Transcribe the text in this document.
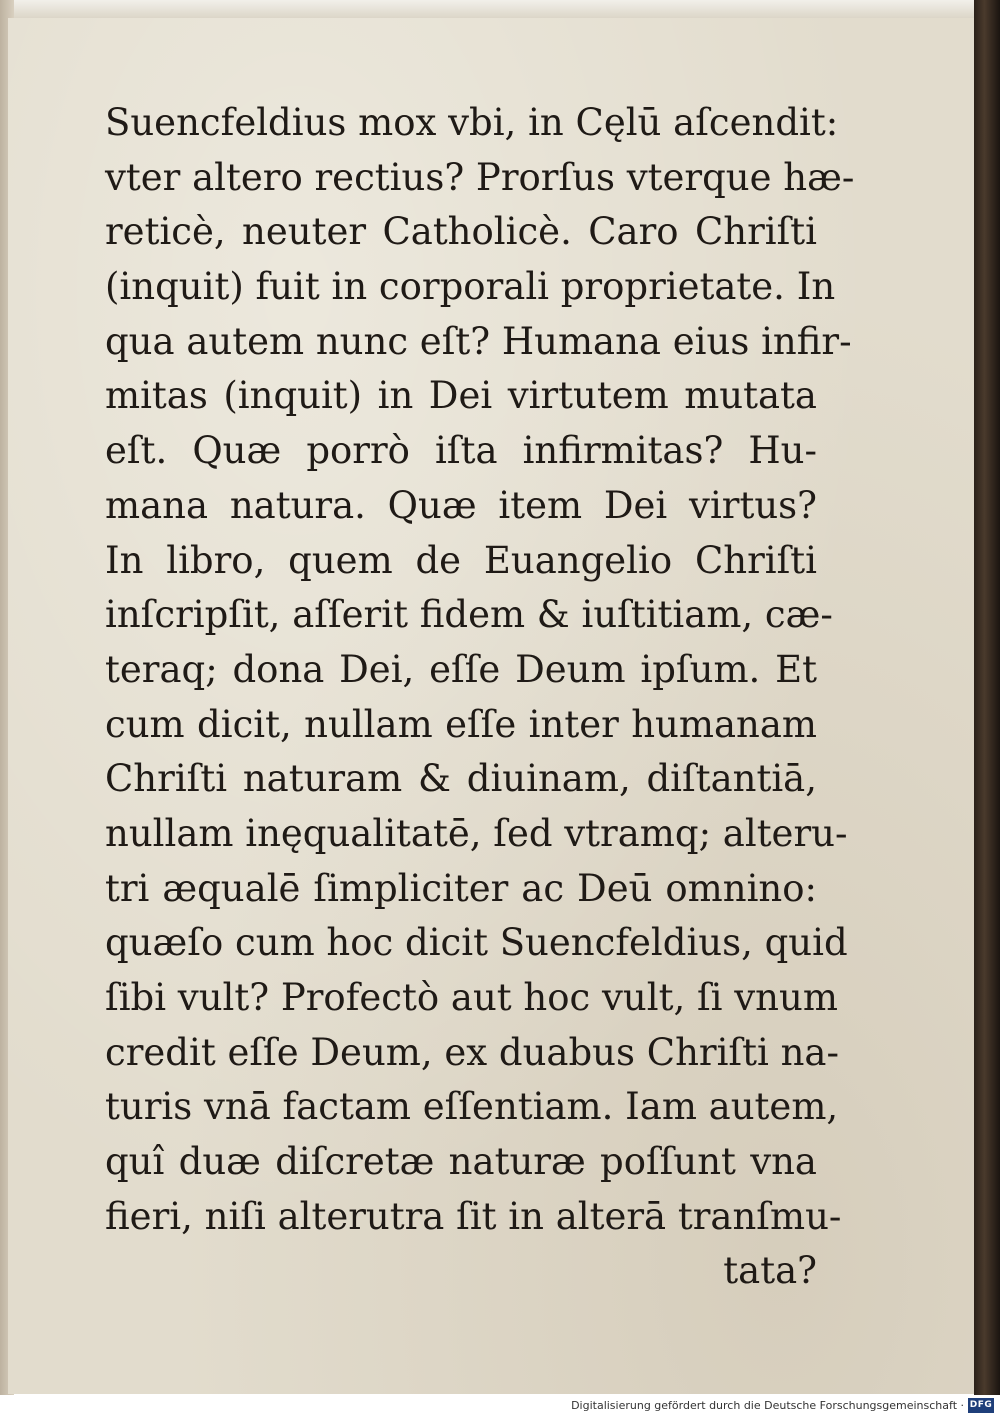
Suencfeldius mox vbi, in Cęlū aſcendit:
vter altero rectius? Prorſus vterque hæ-
reticè, neuter Catholicè. Caro Chriſti
(inquit) fuit in corporali proprietate. In
qua autem nunc eſt? Humana eius infir-
mitas (inquit) in Dei virtutem mutata
eſt. Quæ porrò iſta infirmitas? Hu-
mana natura. Quæ item Dei virtus?
In libro, quem de Euangelio Chriſti
inſcripſit, aſſerit fidem & iuſtitiam, cæ-
teraq; dona Dei, eſſe Deum ipſum. Et
cum dicit, nullam eſſe inter humanam
Chriſti naturam & diuinam, diſtantiā,
nullam inęqualitatē, ſed vtramq; alteru-
tri æqualē ſimpliciter ac Deū omnino:
quæſo cum hoc dicit Suencfeldius, quid
ſibi vult? Profectò aut hoc vult, ſi vnum
credit eſſe Deum, ex duabus Chriſti na-
turis vnā factam eſſentiam. Iam autem,
quî duæ diſcretæ naturæ poſſunt vna
fieri, niſi alterutra ſit in alterā tranſmu-
tata?
Digitalisierung gefördert durch die Deutsche Forschungsgemeinschaft · DFG
